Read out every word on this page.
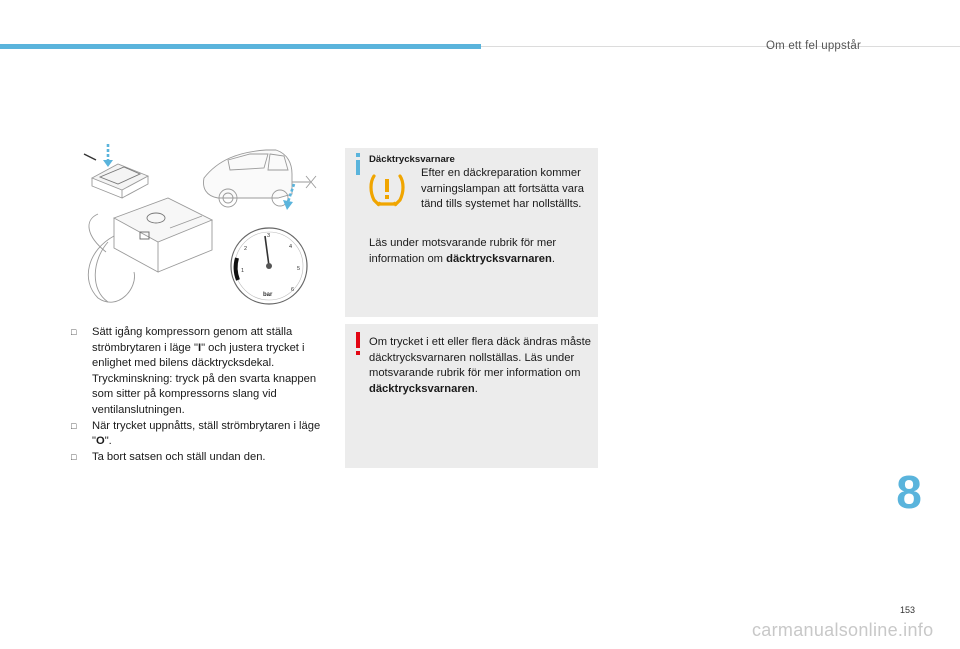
Om ett fel uppstår
1
2
3
4
5
6
bar
□ Sätt igång kompressorn genom att ställa strömbrytaren i läge "I" och justera trycket i enlighet med bilens däcktrycksdekal. Tryckminskning: tryck på den svarta knappen som sitter på kompressorns slang vid ventilanslutningen.
□ När trycket uppnåtts, ställ strömbrytaren i läge "O".
□ Ta bort satsen och ställ undan den.
Däcktrycksvarnare
Efter en däckreparation kommer varningslampan att fortsätta vara tänd tills systemet har nollställts.
Läs under motsvarande rubrik för mer information om däcktrycksvarnaren.
Om trycket i ett eller flera däck ändras måste däcktrycksvarnaren nollställas. Läs under motsvarande rubrik för mer information om däcktrycksvarnaren.
8
153
carmanualsonline.info
